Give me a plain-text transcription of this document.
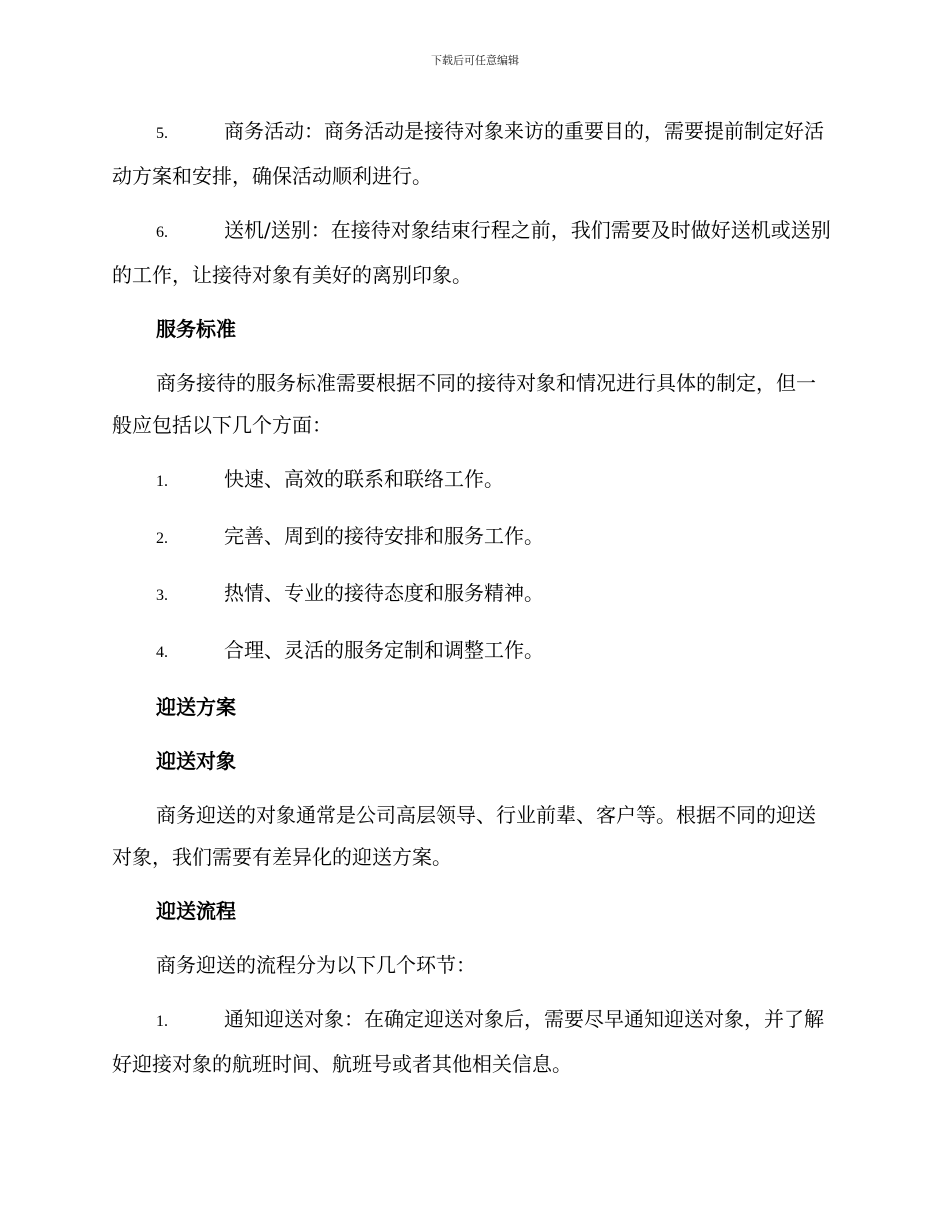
下载后可任意编辑
5.	商务活动：商务活动是接待对象来访的重要目的，需要提前制定好活动方案和安排，确保活动顺利进行。
6.	送机/送别：在接待对象结束行程之前，我们需要及时做好送机或送别的工作，让接待对象有美好的离别印象。
服务标准
商务接待的服务标准需要根据不同的接待对象和情况进行具体的制定，但一般应包括以下几个方面：
1.	快速、高效的联系和联络工作。
2.	完善、周到的接待安排和服务工作。
3.	热情、专业的接待态度和服务精神。
4.	合理、灵活的服务定制和调整工作。
迎送方案
迎送对象
商务迎送的对象通常是公司高层领导、行业前辈、客户等。根据不同的迎送对象，我们需要有差异化的迎送方案。
迎送流程
商务迎送的流程分为以下几个环节：
1.	通知迎送对象：在确定迎送对象后，需要尽早通知迎送对象，并了解好迎接对象的航班时间、航班号或者其他相关信息。
